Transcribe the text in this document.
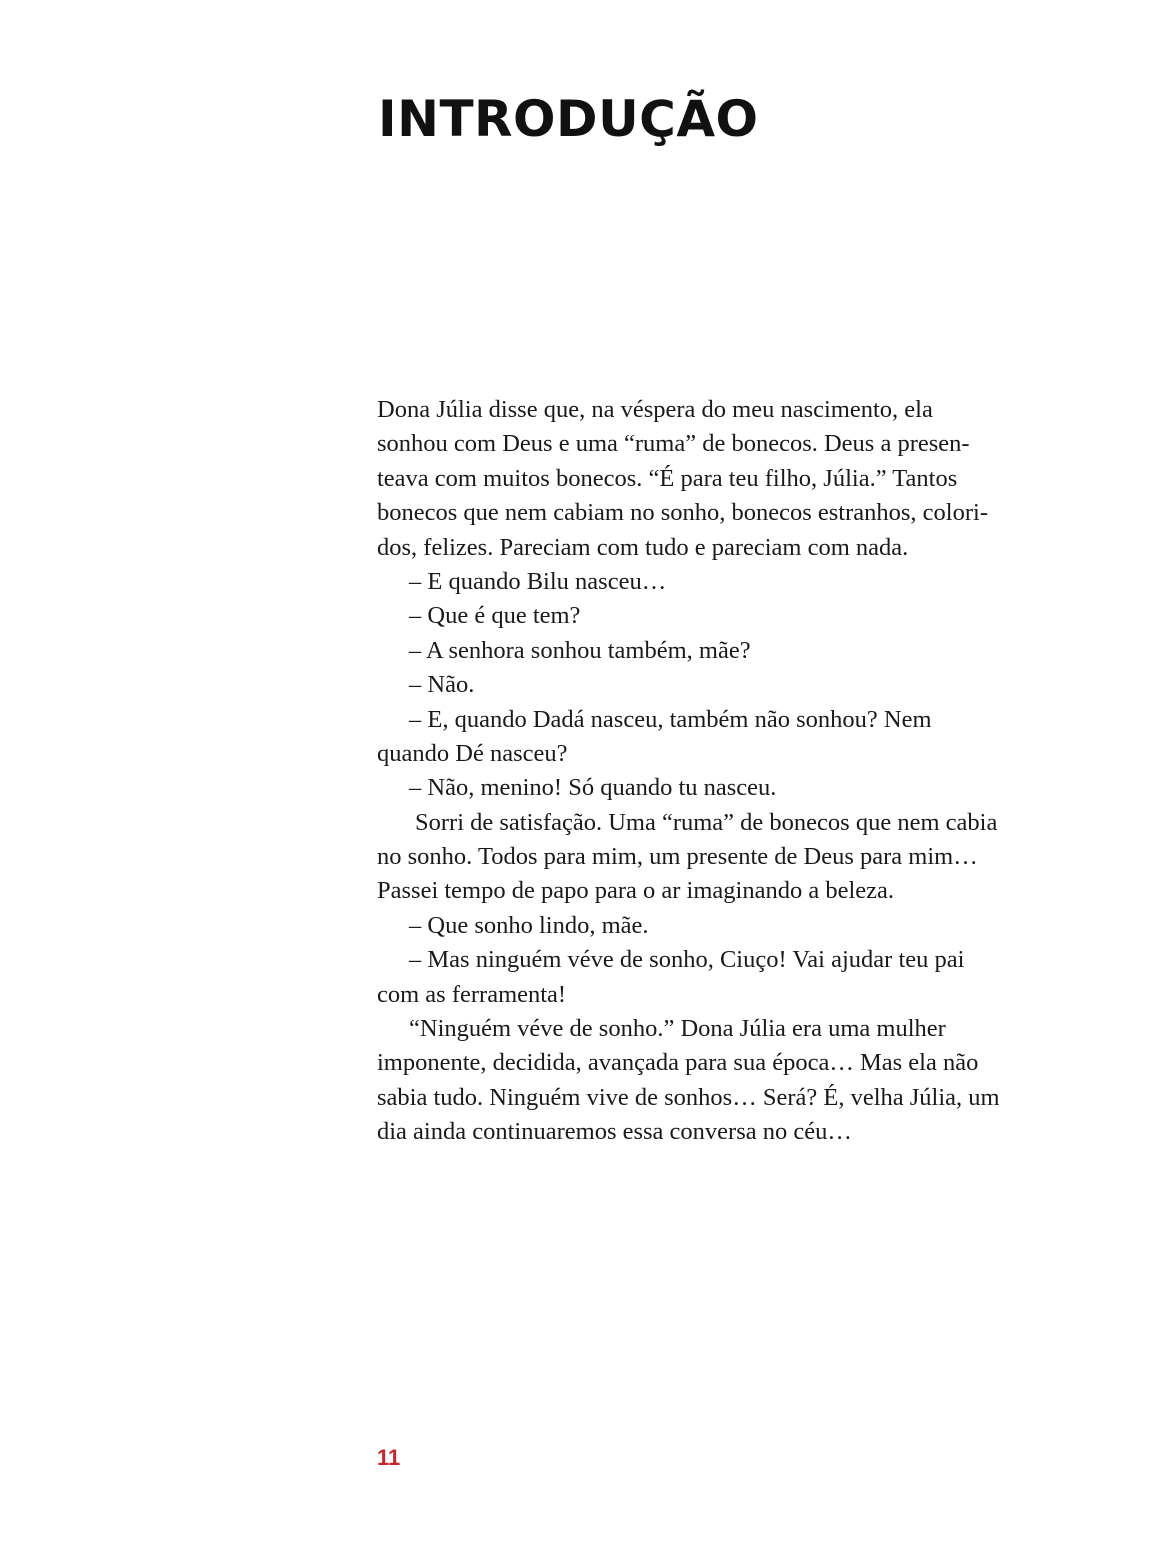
INTRODUÇÃO
Dona Júlia disse que, na véspera do meu nascimento, ela
sonhou com Deus e uma “ruma” de bonecos. Deus a presen-
teava com muitos bonecos. “É para teu filho, Júlia.” Tantos
bonecos que nem cabiam no sonho, bonecos estranhos, colori-
dos, felizes. Pareciam com tudo e pareciam com nada.
– E quando Bilu nasceu…
– Que é que tem?
– A senhora sonhou também, mãe?
– Não.
– E, quando Dadá nasceu, também não sonhou? Nem
quando Dé nasceu?
– Não, menino! Só quando tu nasceu.
Sorri de satisfação. Uma “ruma” de bonecos que nem cabia
no sonho. Todos para mim, um presente de Deus para mim…
Passei tempo de papo para o ar imaginando a beleza.
– Que sonho lindo, mãe.
– Mas ninguém véve de sonho, Ciuço! Vai ajudar teu pai
com as ferramenta!
“Ninguém véve de sonho.” Dona Júlia era uma mulher
imponente, decidida, avançada para sua época… Mas ela não
sabia tudo. Ninguém vive de sonhos… Será? É, velha Júlia, um
dia ainda continuaremos essa conversa no céu…
11
